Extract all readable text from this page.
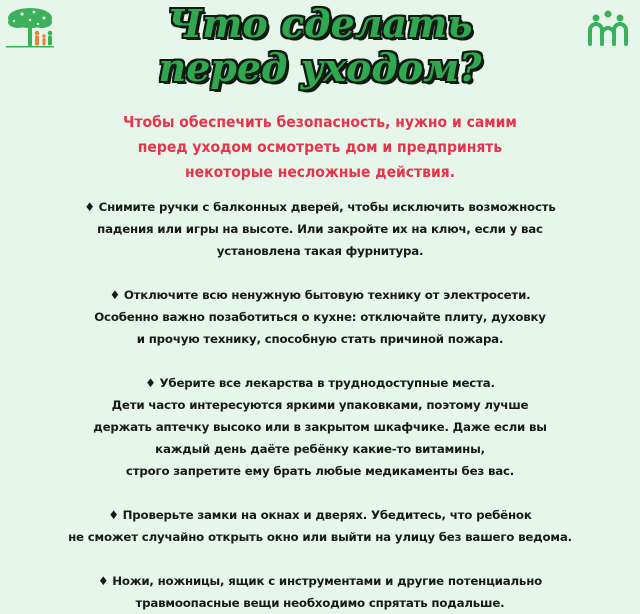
Что сделать
перед уходом?
Чтобы обеспечить безопасность, нужно и самим
перед уходом осмотреть дом и предпринять
некоторые несложные действия.
♦ Снимите ручки с балконных дверей, чтобы исключить возможность
падения или игры на высоте. Или закройте их на ключ, если у вас
установлена такая фурнитура.
♦ Отключите всю ненужную бытовую технику от электросети.
Особенно важно позаботиться о кухне: отключайте плиту, духовку
и прочую технику, способную стать причиной пожара.
♦ Уберите все лекарства в труднодоступные места.
Дети часто интересуются яркими упаковками, поэтому лучше
держать аптечку высоко или в закрытом шкафчике. Даже если вы
каждый день даёте ребёнку какие-то витамины,
строго запретите ему брать любые медикаменты без вас.
♦ Проверьте замки на окнах и дверях. Убедитесь, что ребёнок
не сможет случайно открыть окно или выйти на улицу без вашего ведома.
♦ Ножи, ножницы, ящик с инструментами и другие потенциально
травмоопасные вещи необходимо спрятать подальше.
